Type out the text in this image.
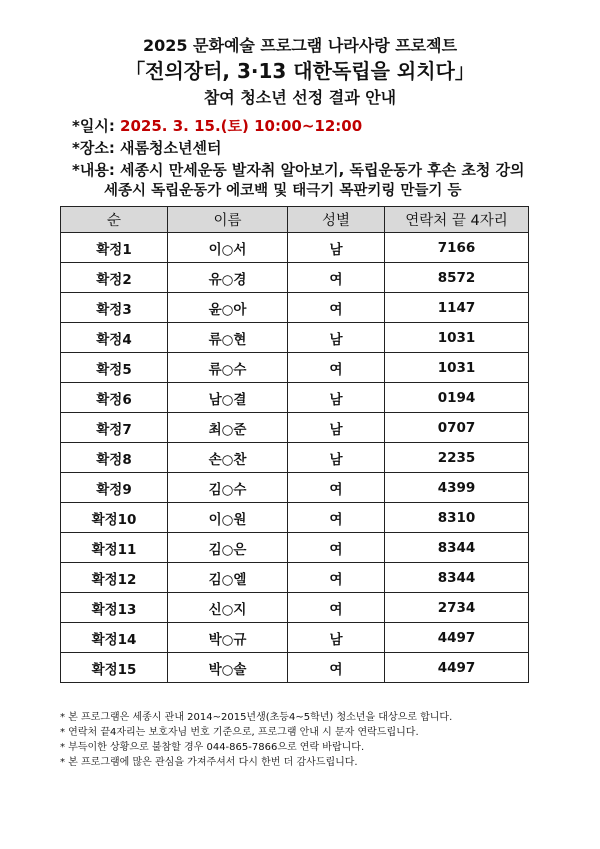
2025 문화예술 프로그램 나라사랑 프로젝트
「전의장터, 3·13 대한독립을 외치다」
참여 청소년 선정 결과 안내
*일시: 2025. 3. 15.(토) 10:00~12:00
*장소: 새롬청소년센터
*내용: 세종시 만세운동 발자취 알아보기, 독립운동가 후손 초청 강의
세종시 독립운동가 에코백 및 태극기 목판키링 만들기 등
순	이름	성별	연락처 끝 4자리
확정1	이○서	남	7166
확정2	유○경	여	8572
확정3	윤○아	여	1147
확정4	류○현	남	1031
확정5	류○수	여	1031
확정6	남○결	남	0194
확정7	최○준	남	0707
확정8	손○찬	남	2235
확정9	김○수	여	4399
확정10	이○원	여	8310
확정11	김○은	여	8344
확정12	김○엘	여	8344
확정13	신○지	여	2734
확정14	박○규	남	4497
확정15	박○솔	여	4497
* 본 프로그램은 세종시 관내 2014~2015년생(초등4~5학년) 청소년을 대상으로 합니다.
* 연락처 끝4자리는 보호자님 번호 기준으로, 프로그램 안내 시 문자 연락드립니다.
* 부득이한 상황으로 불참할 경우 044-865-7866으로 연락 바랍니다.
* 본 프로그램에 많은 관심을 가져주셔서 다시 한번 더 감사드립니다.
